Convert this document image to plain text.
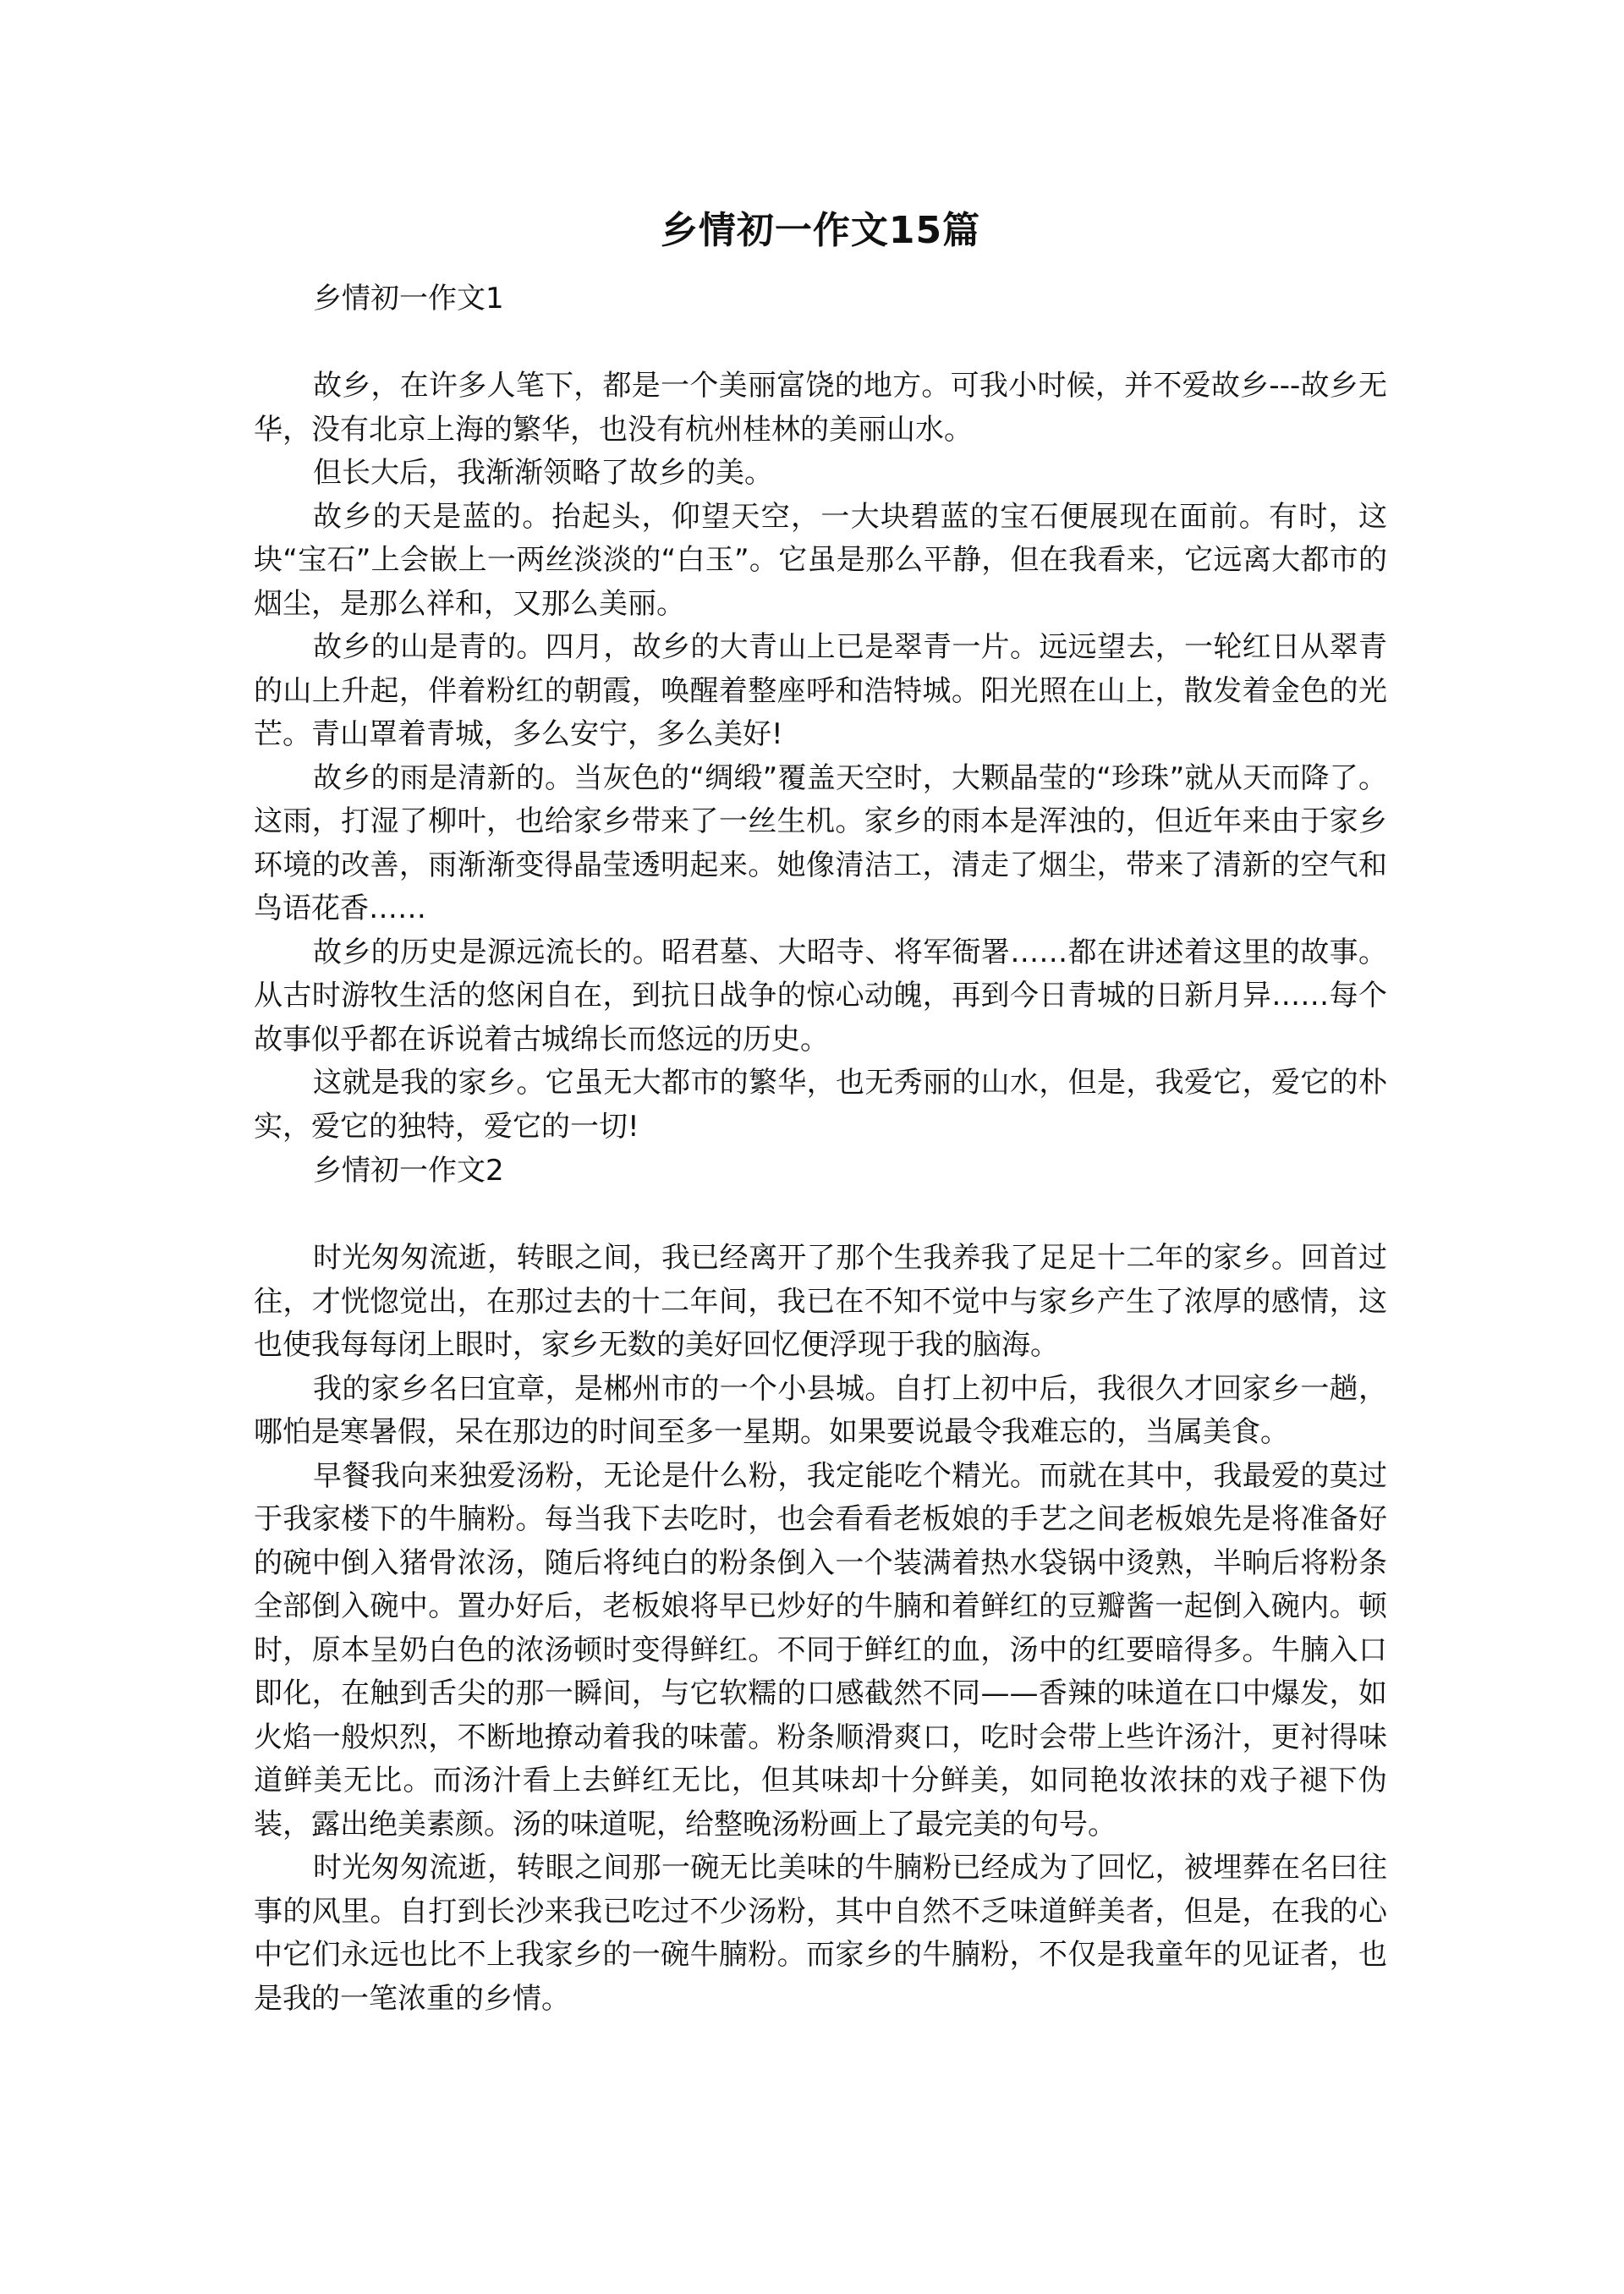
乡情初一作文15篇

乡情初一作文1

故乡，在许多人笔下，都是一个美丽富饶的地方。可我小时候，并不爱故乡---故乡无华，没有北京上海的繁华，也没有杭州桂林的美丽山水。

但长大后，我渐渐领略了故乡的美。

故乡的天是蓝的。抬起头，仰望天空，一大块碧蓝的宝石便展现在面前。有时，这块“宝石”上会嵌上一两丝淡淡的“白玉”。它虽是那么平静，但在我看来，它远离大都市的烟尘，是那么祥和，又那么美丽。

故乡的山是青的。四月，故乡的大青山上已是翠青一片。远远望去，一轮红日从翠青的山上升起，伴着粉红的朝霞，唤醒着整座呼和浩特城。阳光照在山上，散发着金色的光芒。青山罩着青城，多么安宁，多么美好!

故乡的雨是清新的。当灰色的“绸缎”覆盖天空时，大颗晶莹的“珍珠”就从天而降了。这雨，打湿了柳叶，也给家乡带来了一丝生机。家乡的雨本是浑浊的，但近年来由于家乡环境的改善，雨渐渐变得晶莹透明起来。她像清洁工，清走了烟尘，带来了清新的空气和鸟语花香……

故乡的历史是源远流长的。昭君墓、大昭寺、将军衙署……都在讲述着这里的故事。从古时游牧生活的悠闲自在，到抗日战争的惊心动魄，再到今日青城的日新月异……每个故事似乎都在诉说着古城绵长而悠远的历史。

这就是我的家乡。它虽无大都市的繁华，也无秀丽的山水，但是，我爱它，爱它的朴实，爱它的独特，爱它的一切!

乡情初一作文2

时光匆匆流逝，转眼之间，我已经离开了那个生我养我了足足十二年的家乡。回首过往，才恍惚觉出，在那过去的十二年间，我已在不知不觉中与家乡产生了浓厚的感情，这也使我每每闭上眼时，家乡无数的美好回忆便浮现于我的脑海。

我的家乡名曰宜章，是郴州市的一个小县城。自打上初中后，我很久才回家乡一趟，哪怕是寒暑假，呆在那边的时间至多一星期。如果要说最令我难忘的，当属美食。

早餐我向来独爱汤粉，无论是什么粉，我定能吃个精光。而就在其中，我最爱的莫过于我家楼下的牛腩粉。每当我下去吃时，也会看看老板娘的手艺之间老板娘先是将准备好的碗中倒入猪骨浓汤，随后将纯白的粉条倒入一个装满着热水袋锅中烫熟，半晌后将粉条全部倒入碗中。置办好后，老板娘将早已炒好的牛腩和着鲜红的豆瓣酱一起倒入碗内。顿时，原本呈奶白色的浓汤顿时变得鲜红。不同于鲜红的血，汤中的红要暗得多。牛腩入口即化，在触到舌尖的那一瞬间，与它软糯的口感截然不同——香辣的味道在口中爆发，如火焰一般炽烈，不断地撩动着我的味蕾。粉条顺滑爽口，吃时会带上些许汤汁，更衬得味道鲜美无比。而汤汁看上去鲜红无比，但其味却十分鲜美，如同艳妆浓抹的戏子褪下伪装，露出绝美素颜。汤的味道呢，给整晚汤粉画上了最完美的句号。

时光匆匆流逝，转眼之间那一碗无比美味的牛腩粉已经成为了回忆，被埋葬在名曰往事的风里。自打到长沙来我已吃过不少汤粉，其中自然不乏味道鲜美者，但是，在我的心中它们永远也比不上我家乡的一碗牛腩粉。而家乡的牛腩粉，不仅是我童年的见证者，也是我的一笔浓重的乡情。
